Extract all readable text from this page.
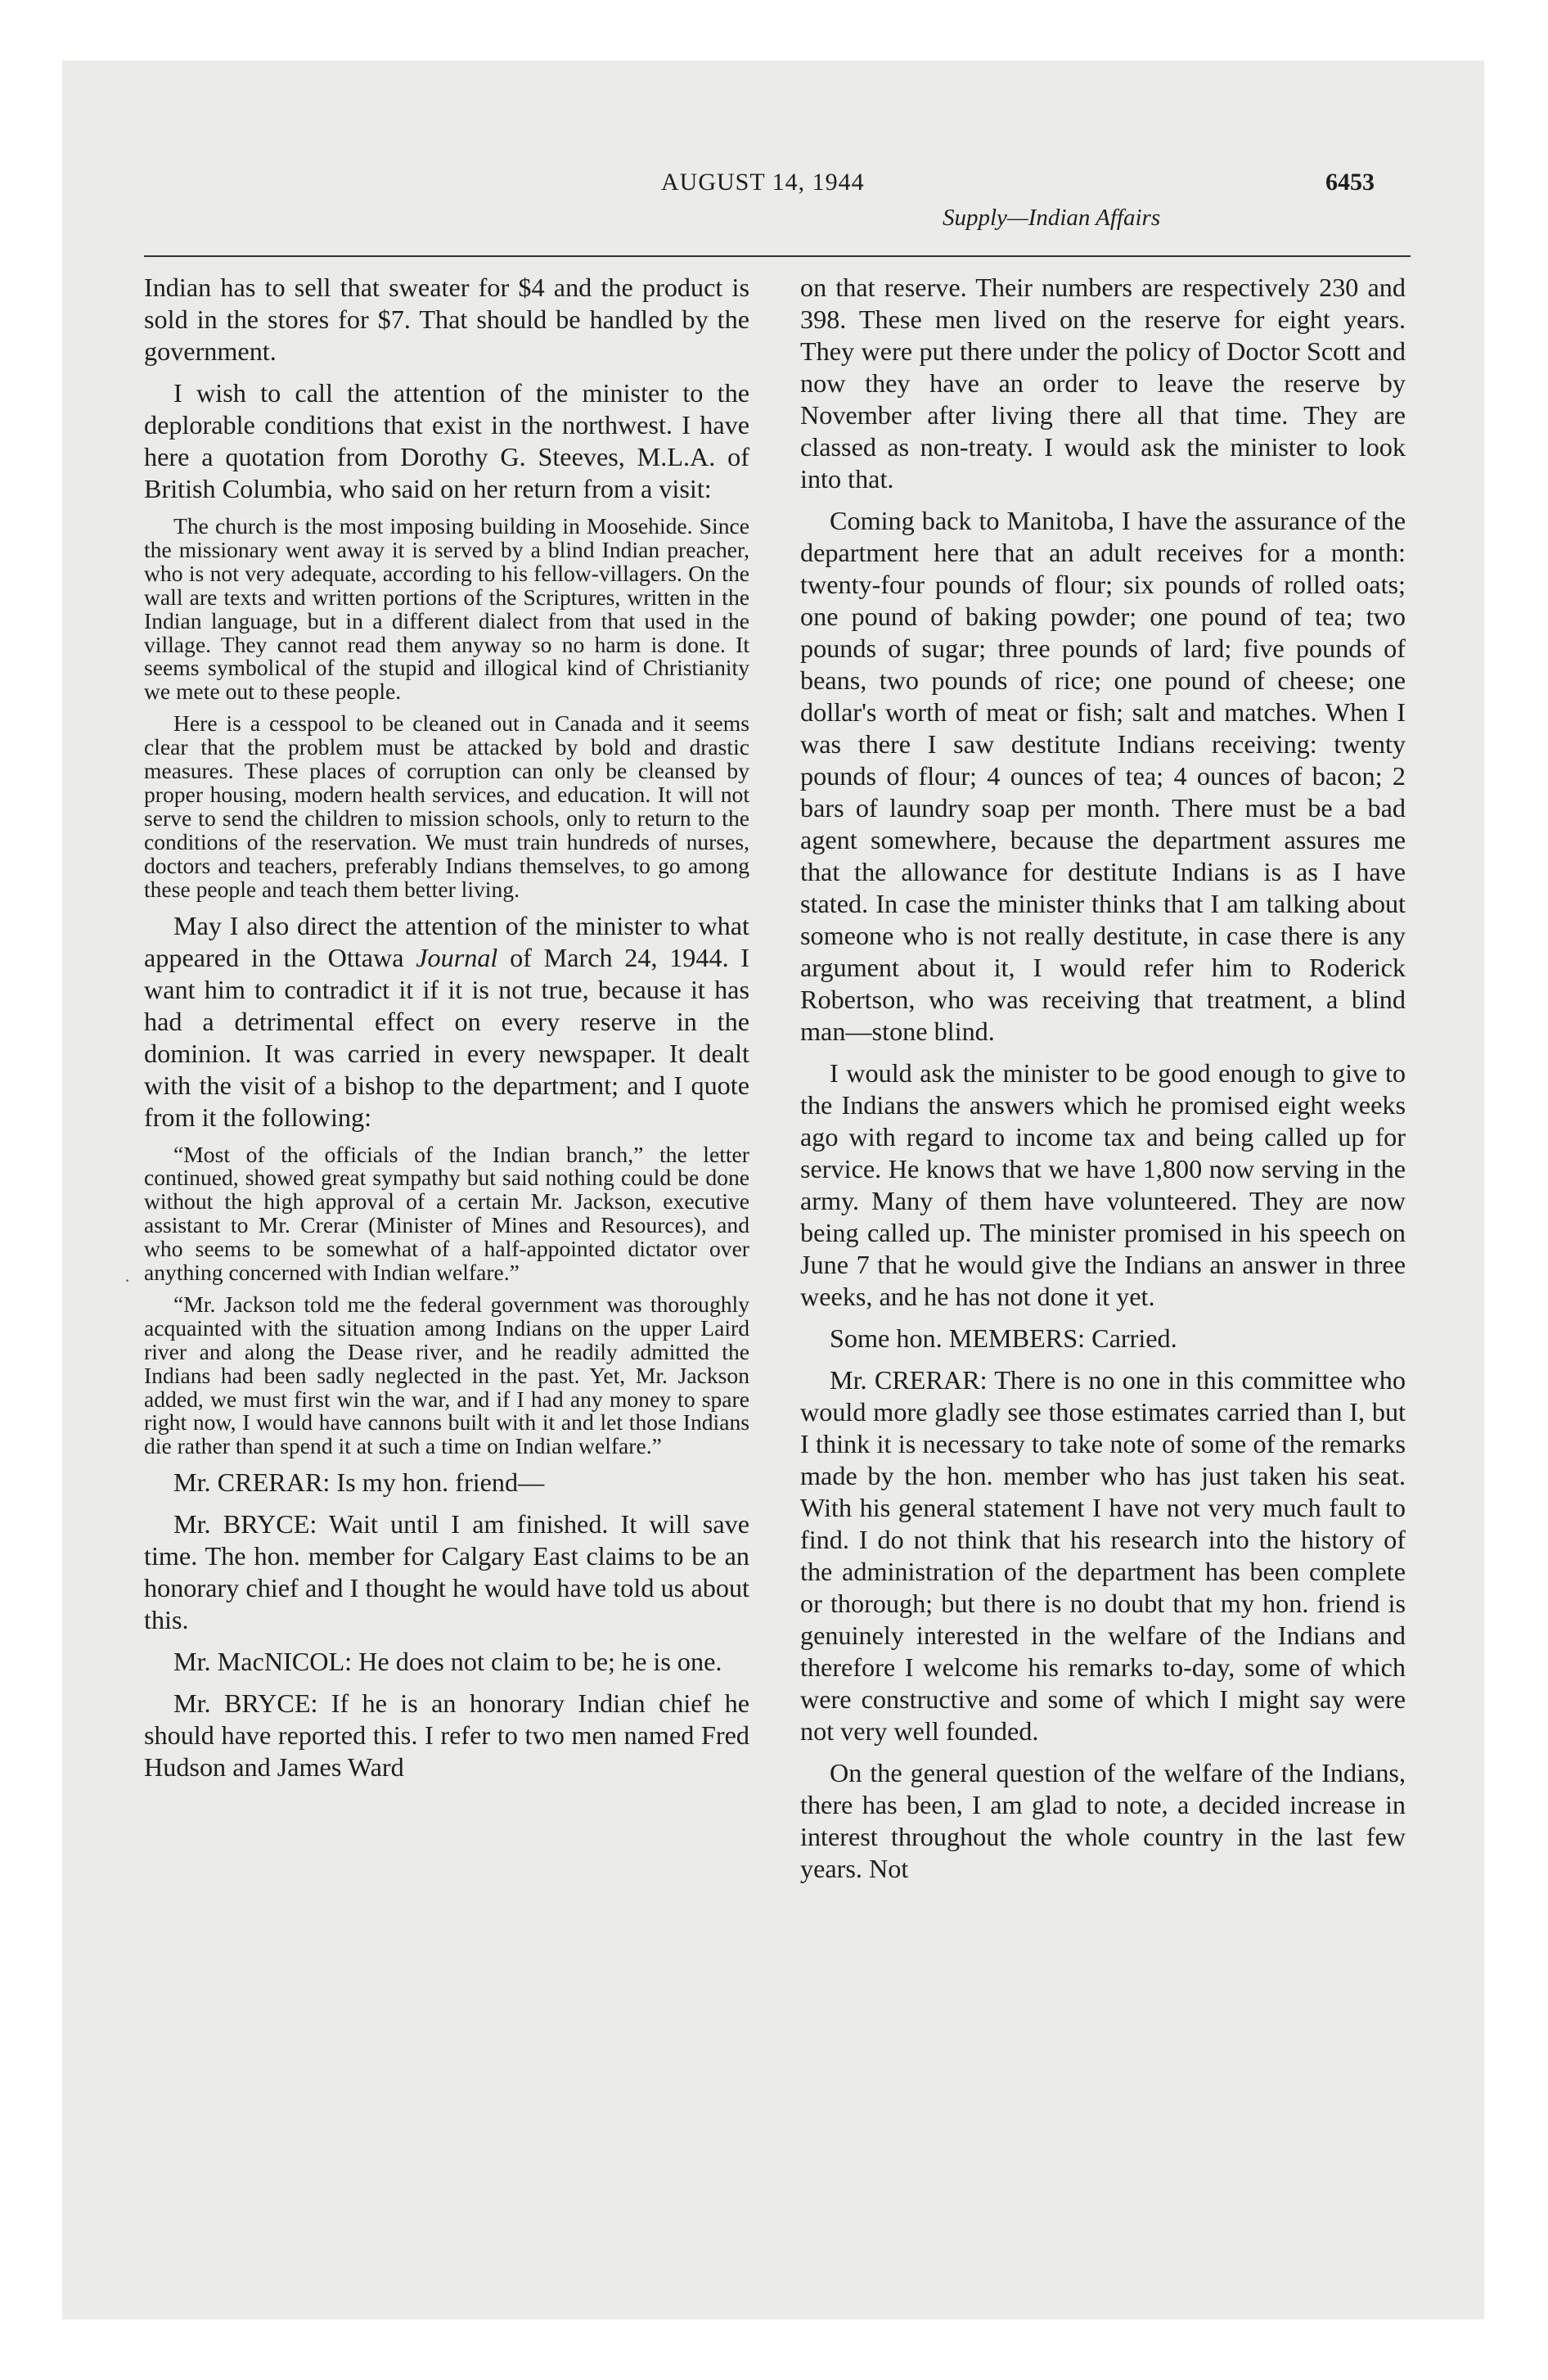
AUGUST 14, 1944	6453
Supply—Indian Affairs
·

Indian has to sell that sweater for $4 and the product is sold in the stores for $7. That should be handled by the government.

I wish to call the attention of the minister to the deplorable conditions that exist in the northwest. I have here a quotation from Dorothy G. Steeves, M.L.A. of British Columbia, who said on her return from a visit:

The church is the most imposing building in Moosehide. Since the missionary went away it is served by a blind Indian preacher, who is not very adequate, according to his fellow-villagers. On the wall are texts and written portions of the Scriptures, written in the Indian language, but in a different dialect from that used in the village. They cannot read them anyway so no harm is done. It seems symbolical of the stupid and illogical kind of Christianity we mete out to these people.

Here is a cesspool to be cleaned out in Canada and it seems clear that the problem must be attacked by bold and drastic measures. These places of corruption can only be cleansed by proper housing, modern health services, and education. It will not serve to send the children to mission schools, only to return to the conditions of the reservation. We must train hundreds of nurses, doctors and teachers, preferably Indians themselves, to go among these people and teach them better living.

May I also direct the attention of the minister to what appeared in the Ottawa Journal of March 24, 1944. I want him to contradict it if it is not true, because it has had a detrimental effect on every reserve in the dominion. It was carried in every newspaper. It dealt with the visit of a bishop to the department; and I quote from it the following:

“Most of the officials of the Indian branch,” the letter continued, showed great sympathy but said nothing could be done without the high approval of a certain Mr. Jackson, executive assistant to Mr. Crerar (Minister of Mines and Resources), and who seems to be somewhat of a half-appointed dictator over anything concerned with Indian welfare.”

“Mr. Jackson told me the federal government was thoroughly acquainted with the situation among Indians on the upper Laird river and along the Dease river, and he readily admitted the Indians had been sadly neglected in the past. Yet, Mr. Jackson added, we must first win the war, and if I had any money to spare right now, I would have cannons built with it and let those Indians die rather than spend it at such a time on Indian welfare.”

Mr. CRERAR: Is my hon. friend—

Mr. BRYCE: Wait until I am finished. It will save time. The hon. member for Calgary East claims to be an honorary chief and I thought he would have told us about this.

Mr. MacNICOL: He does not claim to be; he is one.

Mr. BRYCE: If he is an honorary Indian chief he should have reported this. I refer to two men named Fred Hudson and James Ward

on that reserve. Their numbers are respectively 230 and 398. These men lived on the reserve for eight years. They were put there under the policy of Doctor Scott and now they have an order to leave the reserve by November after living there all that time. They are classed as non-treaty. I would ask the minister to look into that.

Coming back to Manitoba, I have the assurance of the department here that an adult receives for a month: twenty-four pounds of flour; six pounds of rolled oats; one pound of baking powder; one pound of tea; two pounds of sugar; three pounds of lard; five pounds of beans, two pounds of rice; one pound of cheese; one dollar's worth of meat or fish; salt and matches. When I was there I saw destitute Indians receiving: twenty pounds of flour; 4 ounces of tea; 4 ounces of bacon; 2 bars of laundry soap per month. There must be a bad agent somewhere, because the department assures me that the allowance for destitute Indians is as I have stated. In case the minister thinks that I am talking about someone who is not really destitute, in case there is any argument about it, I would refer him to Roderick Robertson, who was receiving that treatment, a blind man—stone blind.

I would ask the minister to be good enough to give to the Indians the answers which he promised eight weeks ago with regard to income tax and being called up for service. He knows that we have 1,800 now serving in the army. Many of them have volunteered. They are now being called up. The minister promised in his speech on June 7 that he would give the Indians an answer in three weeks, and he has not done it yet.

Some hon. MEMBERS: Carried.

Mr. CRERAR: There is no one in this committee who would more gladly see those estimates carried than I, but I think it is necessary to take note of some of the remarks made by the hon. member who has just taken his seat. With his general statement I have not very much fault to find. I do not think that his research into the history of the administration of the department has been complete or thorough; but there is no doubt that my hon. friend is genuinely interested in the welfare of the Indians and therefore I welcome his remarks to-day, some of which were constructive and some of which I might say were not very well founded.

On the general question of the welfare of the Indians, there has been, I am glad to note, a decided increase in interest throughout the whole country in the last few years. Not
